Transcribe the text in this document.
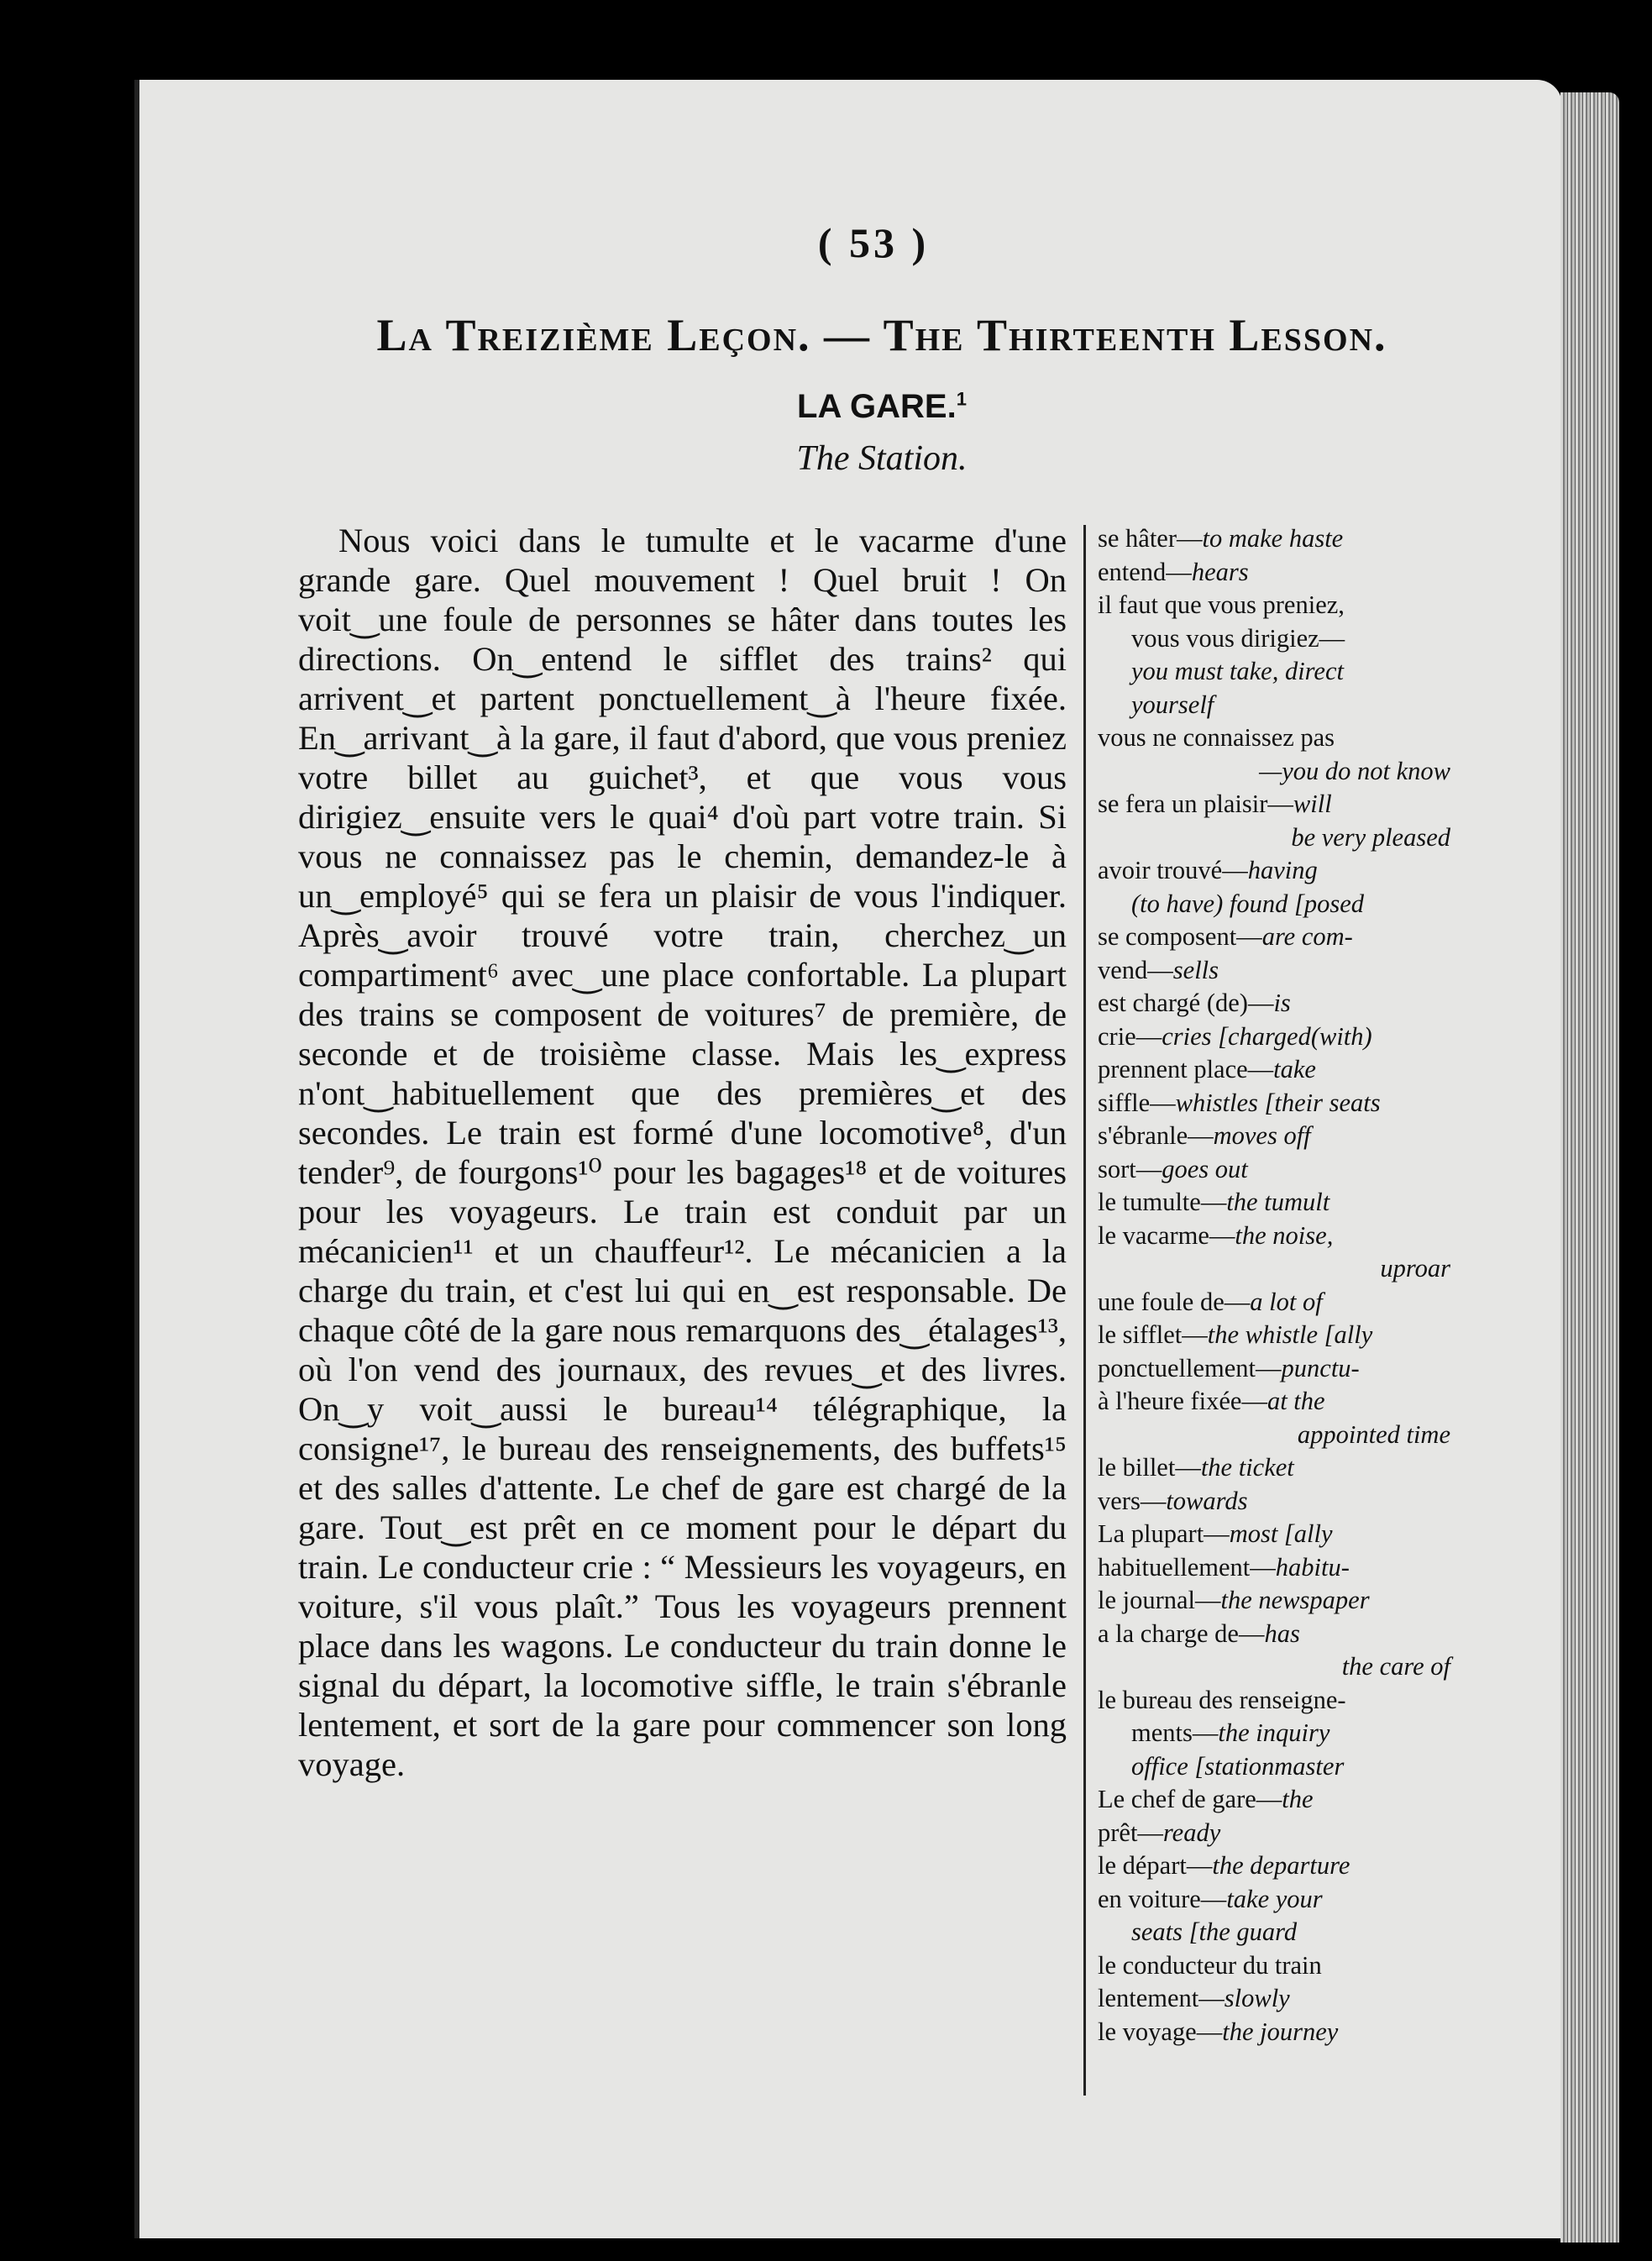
( 53 )
La Treizième Leçon. — The Thirteenth Lesson.
LA GARE.$^1$
The Station.

Nous voici dans le tumulte et le vacarme d'une grande gare. Quel mouvement ! Quel bruit ! On voit‿une foule de personnes se hâter dans toutes les directions. On‿entend le sifflet des trains² qui arrivent‿et partent ponctuellement‿à l'heure fixée. En‿arrivant‿à la gare, il faut d'abord, que vous preniez votre billet au guichet³, et que vous vous dirigiez‿ensuite vers le quai⁴ d'où part votre train. Si vous ne connaissez pas le chemin, demandez-le à un‿employé⁵ qui se fera un plaisir de vous l'indiquer. Après‿avoir trouvé votre train, cherchez‿un compartiment⁶ avec‿une place confortable. La plupart des trains se composent de voitures⁷ de première, de seconde et de troisième classe. Mais les‿express n'ont‿habituellement que des premières‿et des secondes. Le train est formé d'une locomotive⁸, d'un tender⁹, de fourgons¹⁰ pour les bagages¹⁸ et de voitures pour les voyageurs. Le train est conduit par un mécanicien¹¹ et un chauffeur¹². Le mécanicien a la charge du train, et c'est lui qui en‿est responsable. De chaque côté de la gare nous remarquons des‿étalages¹³, où l'on vend des journaux, des revues‿et des livres. On‿y voit‿aussi le bureau¹⁴ télégraphique, la consigne¹⁷, le bureau des renseignements, des buffets¹⁵ et des salles d'attente. Le chef de gare est chargé de la gare. Tout‿est prêt en ce moment pour le départ du train. Le conducteur crie : “ Messieurs les voyageurs, en voiture, s'il vous plaît.” Tous les voyageurs prennent place dans les wagons. Le conducteur du train donne le signal du départ, la locomotive siffle, le train s'ébranle lentement, et sort de la gare pour commencer son long voyage.

se hâter—to make haste
entend—hears
il faut que vous preniez,
vous vous dirigiez—
you must take, direct
yourself
vous ne connaissez pas
—you do not know
se fera un plaisir—will
be very pleased
avoir trouvé—having
(to have) found [posed
se composent—are com-
vend—sells
est chargé (de)—is
crie—cries [charged(with)
prennent place—take
siffle—whistles [their seats
s'ébranle—moves off
sort—goes out
le tumulte—the tumult
le vacarme—the noise,
uproar
une foule de—a lot of
le sifflet—the whistle [ally
ponctuellement—punctu-
à l'heure fixée—at the
appointed time
le billet—the ticket
vers—towards
La plupart—most [ally
habituellement—habitu-
le journal—the newspaper
a la charge de—has
the care of
le bureau des renseigne-
ments—the inquiry
office [stationmaster
Le chef de gare—the
prêt—ready
le départ—the departure
en voiture—take your
seats [the guard
le conducteur du train
lentement—slowly
le voyage—the journey
